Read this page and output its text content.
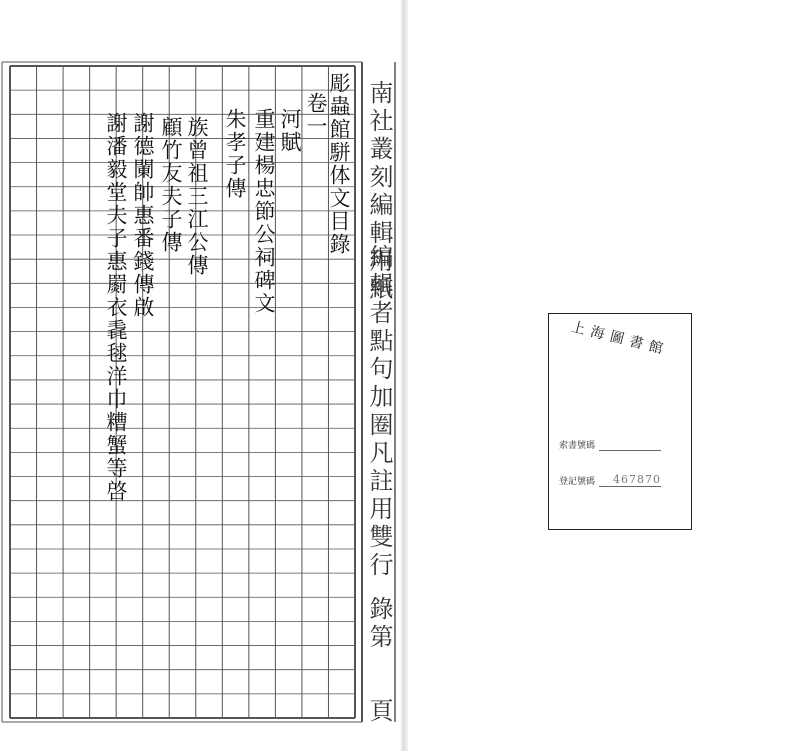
彫蟲館駢体文目錄
卷一
河賦
重建楊忠節公祠碑文
朱孝子傳
族曾祖三江公傳
顧竹友夫子傳
謝德䦨帥惠番錢傳啟
謝潘毅堂夫子惠罽衣毳毬洋巾糟蟹等啓	南社叢刻編輯用紙
編輯者點句加圈凡註用雙行
錄第
頁
上海圖書館
索書號碼
登記號碼 467870
